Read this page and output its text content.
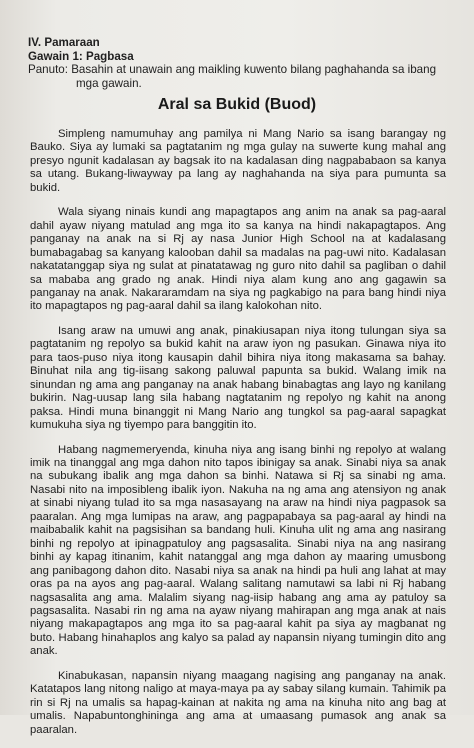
IV. Pamaraan
Gawain 1: Pagbasa
Panuto: Basahin at unawain ang maikling kuwento bilang paghahanda sa ibang mga gawain.
Aral sa Bukid (Buod)

Simpleng namumuhay ang pamilya ni Mang Nario sa isang barangay ng Bauko. Siya ay lumaki sa pagtatanim ng mga gulay na suwerte kung mahal ang presyo ngunit kadalasan ay bagsak ito na kadalasan ding nagpababaon sa kanya sa utang. Bukang-liwayway pa lang ay naghahanda na siya para pumunta sa bukid.

Wala siyang ninais kundi ang mapagtapos ang anim na anak sa pag-aaral dahil ayaw niyang matulad ang mga ito sa kanya na hindi nakapagtapos. Ang panganay na anak na si Rj ay nasa Junior High School na at kadalasang bumabagabag sa kanyang kalooban dahil sa madalas na pag-uwi nito. Kadalasan nakatatanggap siya ng sulat at pinatatawag ng guro nito dahil sa pagliban o dahil sa mababa ang grado ng anak. Hindi niya alam kung ano ang gagawin sa panganay na anak. Nakararamdam na siya ng pagkabigo na para bang hindi niya ito mapagtapos ng pag-aaral dahil sa ilang kalokohan nito.

Isang araw na umuwi ang anak, pinakiusapan niya itong tulungan siya sa pagtatanim ng repolyo sa bukid kahit na araw iyon ng pasukan. Ginawa niya ito para taos-puso niya itong kausapin dahil bihira niya itong makasama sa bahay. Binuhat nila ang tig-iisang sakong paluwal papunta sa bukid. Walang imik na sinundan ng ama ang panganay na anak habang binabagtas ang layo ng kanilang bukirin. Nag-uusap lang sila habang nagtatanim ng repolyo ng kahit na anong paksa. Hindi muna binanggit ni Mang Nario ang tungkol sa pag-aaral sapagkat kumukuha siya ng tiyempo para banggitin ito.

Habang nagmemeryenda, kinuha niya ang isang binhi ng repolyo at walang imik na tinanggal ang mga dahon nito tapos ibinigay sa anak. Sinabi niya sa anak na subukang ibalik ang mga dahon sa binhi. Natawa si Rj sa sinabi ng ama. Nasabi nito na imposibleng ibalik iyon. Nakuha na ng ama ang atensiyon ng anak at sinabi niyang tulad ito sa mga nasasayang na araw na hindi niya pagpasok sa paaralan. Ang mga lumipas na araw, ang pagpapabaya sa pag-aaral ay hindi na maibabalik kahit na pagsisihan sa bandang huli. Kinuha ulit ng ama ang nasirang binhi ng repolyo at ipinagpatuloy ang pagsasalita. Sinabi niya na ang nasirang binhi ay kapag itinanim, kahit natanggal ang mga dahon ay maaring umusbong ang panibagong dahon dito. Nasabi niya sa anak na hindi pa huli ang lahat at may oras pa na ayos ang pag-aaral. Walang salitang namutawi sa labi ni Rj habang nagsasalita ang ama. Malalim siyang nag-iisip habang ang ama ay patuloy sa pagsasalita. Nasabi rin ng ama na ayaw niyang mahirapan ang mga anak at nais niyang makapagtapos ang mga ito sa pag-aaral kahit pa siya ay magbanat ng buto. Habang hinahaplos ang kalyo sa palad ay napansin niyang tumingin dito ang anak.

Kinabukasan, napansin niyang maagang nagising ang panganay na anak. Katatapos lang nitong naligo at maya-maya pa ay sabay silang kumain. Tahimik pa rin si Rj na umalis sa hapag-kainan at nakita ng ama na kinuha nito ang bag at umalis. Napabuntonghininga ang ama at umaasang pumasok ang anak sa paaralan.
